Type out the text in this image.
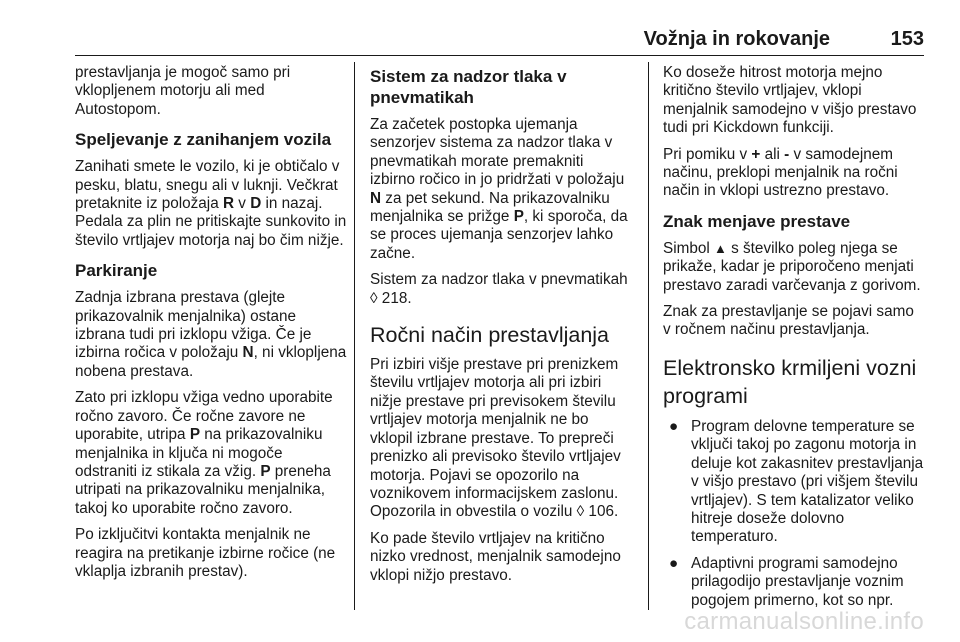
Vožnja in rokovanje	153

prestavljanja je mogoč samo pri vklopljenem motorju ali med Autostopom.

Speljevanje z zanihanjem vozila

Zanihati smete le vozilo, ki je obtičalo v pesku, blatu, snegu ali v luknji. Večkrat pretaknite iz položaja R v D in nazaj. Pedala za plin ne pritiskajte sunkovito in število vrtljajev motorja naj bo čim nižje.

Parkiranje

Zadnja izbrana prestava (glejte prikazovalnik menjalnika) ostane izbrana tudi pri izklopu vžiga. Če je izbirna ročica v položaju N, ni vklopljena nobena prestava.

Zato pri izklopu vžiga vedno uporabite ročno zavoro. Če ročne zavore ne uporabite, utripa P na prikazovalniku menjalnika in ključa ni mogoče odstraniti iz stikala za vžig. P preneha utripati na prikazovalniku menjalnika, takoj ko uporabite ročno zavoro.

Po izključitvi kontakta menjalnik ne reagira na pretikanje izbirne ročice (ne vklaplja izbranih prestav).

Sistem za nadzor tlaka v
pnevmatikah

Za začetek postopka ujemanja senzorjev sistema za nadzor tlaka v pnevmatikah morate premakniti izbirno ročico in jo pridržati v položaju N za pet sekund. Na prikazovalniku menjalnika se prižge P, ki sporoča, da se proces ujemanja senzorjev lahko začne.

Sistem za nadzor tlaka v pnevmatikah ◊ 218.

Ročni način prestavljanja

Pri izbiri višje prestave pri prenizkem številu vrtljajev motorja ali pri izbiri nižje prestave pri previsokem številu vrtljajev motorja menjalnik ne bo vklopil izbrane prestave. To prepreči prenizko ali previsoko število vrtljajev motorja. Pojavi se opozorilo na voznikovem informacijskem zaslonu. Opozorila in obvestila o vozilu ◊ 106.

Ko pade število vrtljajev na kritično nizko vrednost, menjalnik samodejno vklopi nižjo prestavo.

Ko doseže hitrost motorja mejno kritično število vrtljajev, vklopi menjalnik samodejno v višjo prestavo tudi pri Kickdown funkciji.

Pri pomiku v + ali - v samodejnem načinu, preklopi menjalnik na ročni način in vklopi ustrezno prestavo.

Znak menjave prestave

Simbol ▲ s številko poleg njega se prikaže, kadar je priporočeno menjati prestavo zaradi varčevanja z gorivom.

Znak za prestavljanje se pojavi samo v ročnem načinu prestavljanja.

Elektronsko krmiljeni vozni programi
● Program delovne temperature se vključi takoj po zagonu motorja in deluje kot zakasnitev prestavljanja v višjo prestavo (pri višjem številu vrtljajev). S tem katalizator veliko hitreje doseže dolovno temperaturo.
● Adaptivni programi samodejno prilagodijo prestavljanje voznim pogojem primerno, kot so npr.
carmanualsonline.info
